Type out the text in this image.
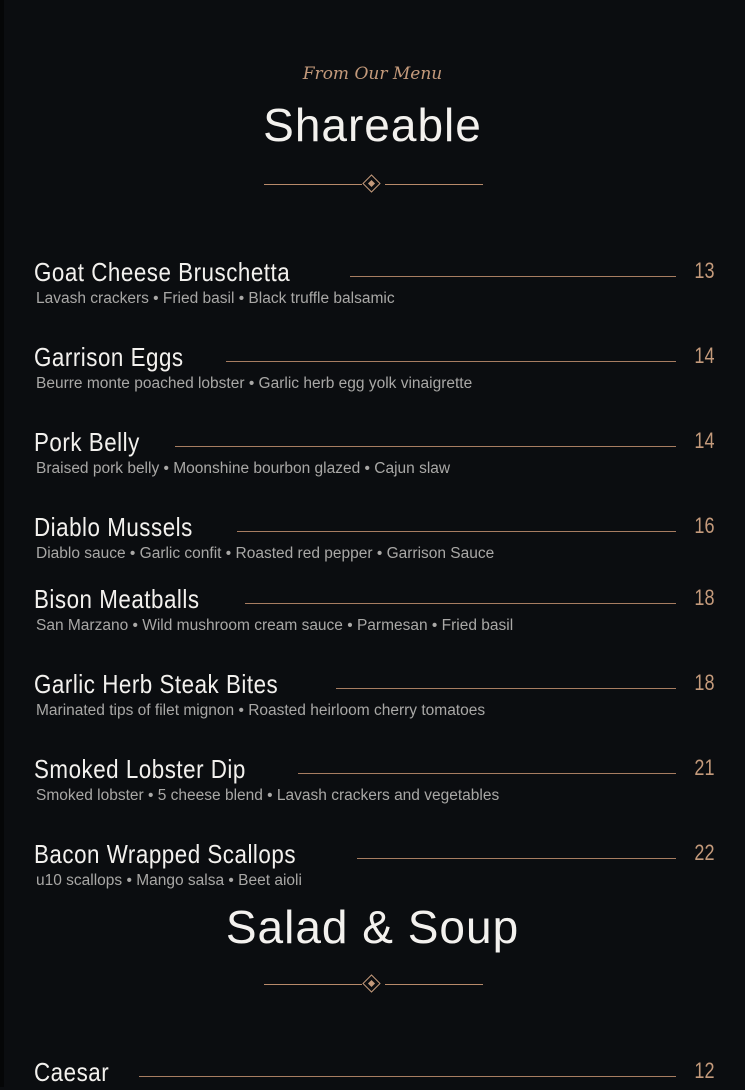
From Our Menu
Shareable
Goat Cheese Bruschetta	13
Lavash crackers • Fried basil • Black truffle balsamic
Garrison Eggs	14
Beurre monte poached lobster • Garlic herb egg yolk vinaigrette
Pork Belly	14
Braised pork belly • Moonshine bourbon glazed • Cajun slaw
Diablo Mussels	16
Diablo sauce • Garlic confit • Roasted red pepper • Garrison Sauce
Bison Meatballs	18
San Marzano • Wild mushroom cream sauce • Parmesan • Fried basil
Garlic Herb Steak Bites	18
Marinated tips of filet mignon • Roasted heirloom cherry tomatoes
Smoked Lobster Dip	21
Smoked lobster • 5 cheese blend • Lavash crackers and vegetables
Bacon Wrapped Scallops	22
u10 scallops • Mango salsa • Beet aioli
Salad & Soup
Caesar	12
